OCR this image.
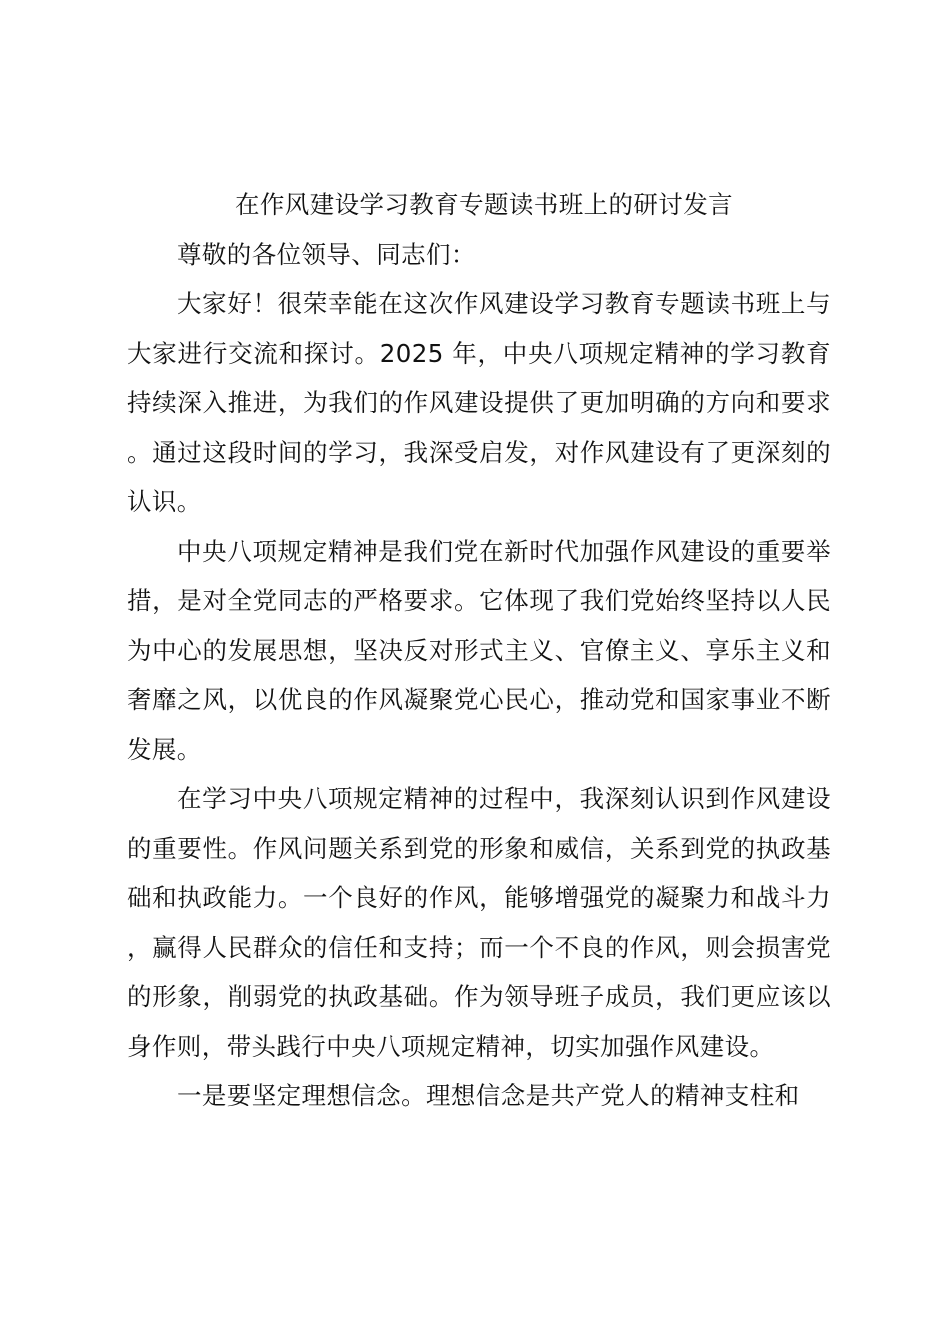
在作风建设学习教育专题读书班上的研讨发言

尊敬的各位领导、同志们：

大家好！很荣幸能在这次作风建设学习教育专题读书班上与大家进行交流和探讨。2025 年，中央八项规定精神的学习教育持续深入推进，为我们的作风建设提供了更加明确的方向和要求。通过这段时间的学习，我深受启发，对作风建设有了更深刻的认识。

中央八项规定精神是我们党在新时代加强作风建设的重要举措，是对全党同志的严格要求。它体现了我们党始终坚持以人民为中心的发展思想，坚决反对形式主义、官僚主义、享乐主义和奢靡之风，以优良的作风凝聚党心民心，推动党和国家事业不断发展。

在学习中央八项规定精神的过程中，我深刻认识到作风建设的重要性。作风问题关系到党的形象和威信，关系到党的执政基础和执政能力。一个良好的作风，能够增强党的凝聚力和战斗力，赢得人民群众的信任和支持；而一个不良的作风，则会损害党的形象，削弱党的执政基础。作为领导班子成员，我们更应该以身作则，带头践行中央八项规定精神，切实加强作风建设。

一是要坚定理想信念。理想信念是共产党人的精神支柱和
